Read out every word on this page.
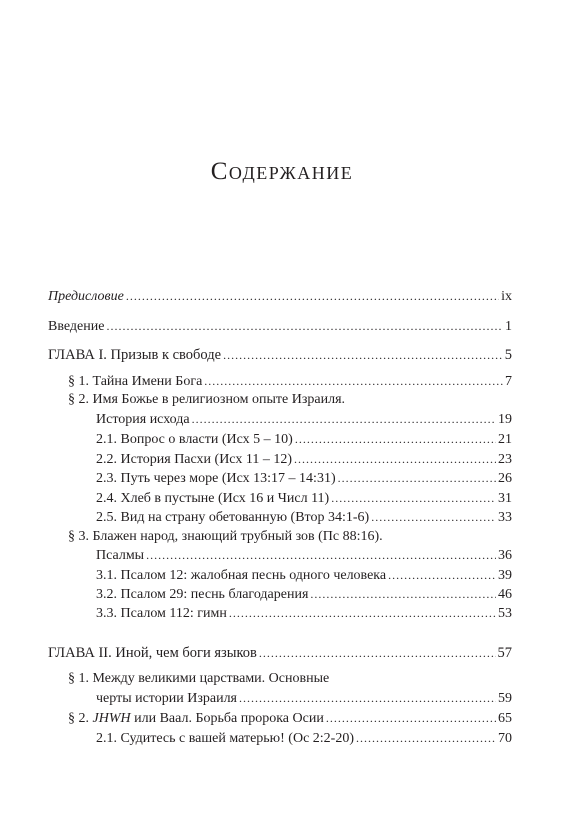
Содержание
Предисловие .....	ix
Введение .....	1
ГЛАВА I. Призыв к свободе .....	5
§ 1. Тайна Имени Бога .....	7
§ 2. Имя Божье в религиозном опыте Израиля.
История исхода .....	19
2.1. Вопрос о власти (Исх 5 – 10) .....	21
2.2. История Пасхи (Исх 11 – 12) .....	23
2.3. Путь через море (Исх 13:17 – 14:31) .....	26
2.4. Хлеб в пустыне (Исх 16 и Числ 11) .....	31
2.5. Вид на страну обетованную (Втор 34:1-6) .....	33
§ 3. Блажен народ, знающий трубный зов (Пс 88:16).
Псалмы .....	36
3.1. Псалом 12: жалобная песнь одного человека .....	39
3.2. Псалом 29: песнь благодарения .....	46
3.3. Псалом 112: гимн .....	53
ГЛАВА II. Иной, чем боги языков .....	57
§ 1. Между великими царствами. Основные
черты истории Израиля .....	59
§ 2. JHWH или Ваал. Борьба пророка Осии .....	65
2.1. Судитесь с вашей матерью! (Ос 2:2-20) .....	70
